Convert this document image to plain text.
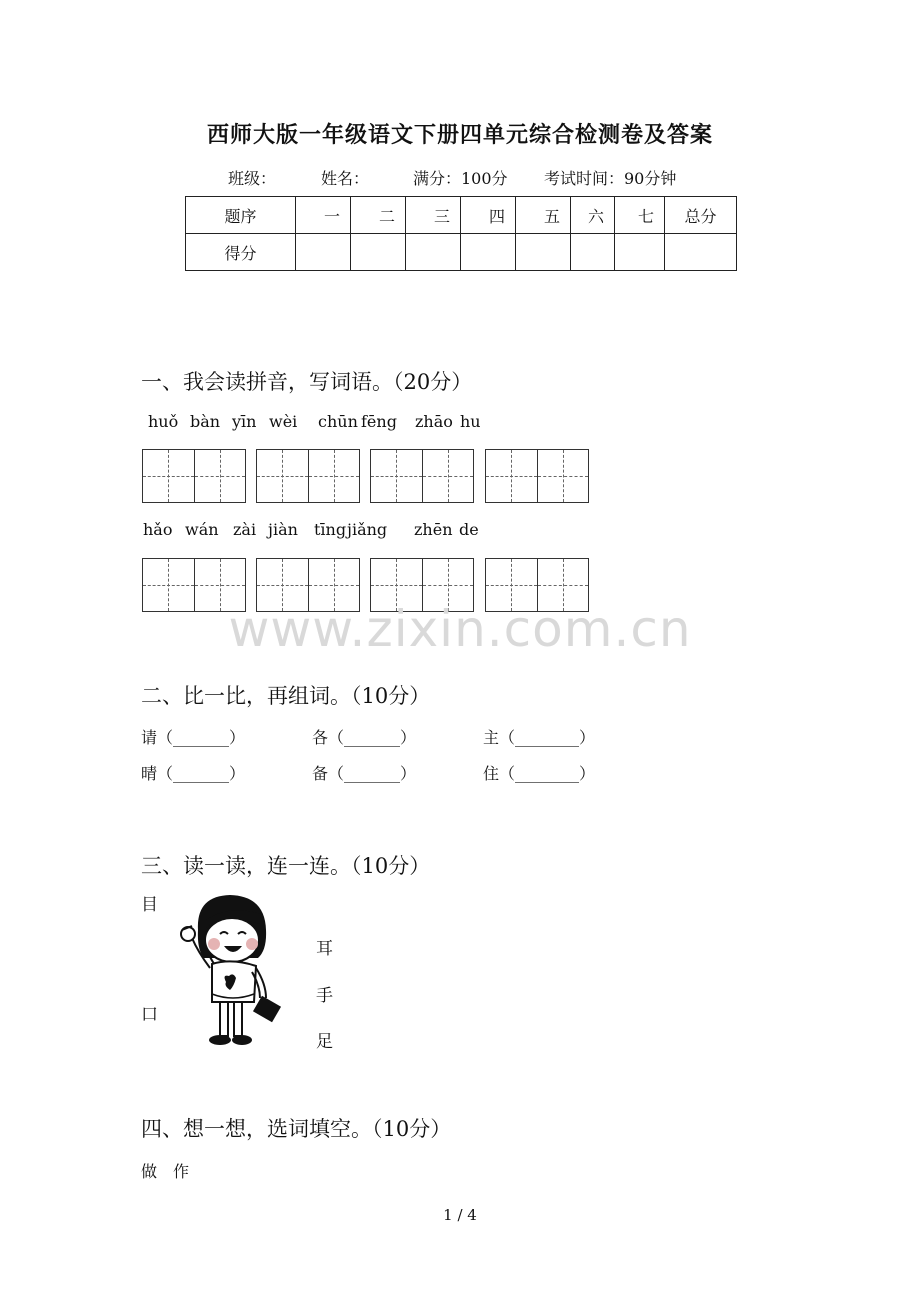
西师大版一年级语文下册四单元综合检测卷及答案
班级：	姓名：	满分：100分 考试时间：90分钟
题序	一	二	三	四	五	六	七	总分
得分								
一、我会读拼音，写词语。（20分）
huǒ bàn yīn wèi chūn fēng zhāo hu
hǎo wán zài jiàn tīng jiǎng zhēn de
www.zixin.com.cn
二、比一比，再组词。（10分）
请（_______）	各（_______）	主（________）
晴（_______）	备（_______）	住（________）
三、读一读，连一连。（10分）
目
口
耳
手
足
四、想一想，选词填空。（10分）
做　作
1 / 4
